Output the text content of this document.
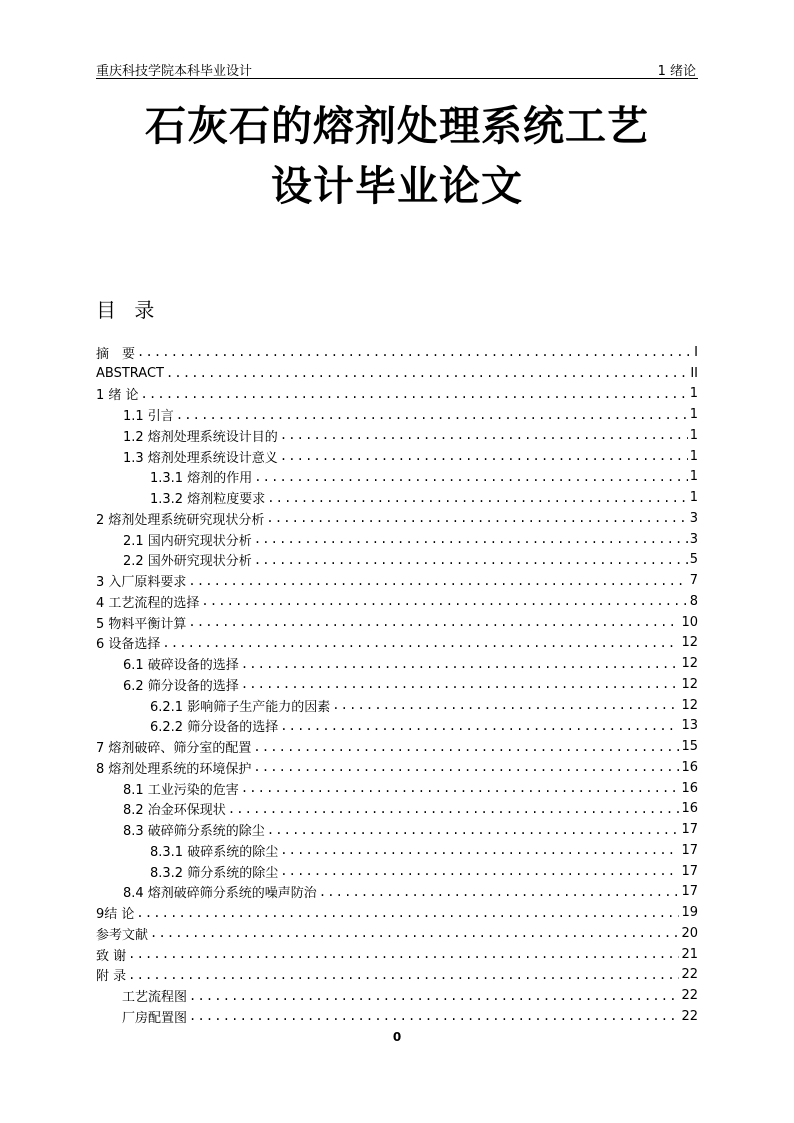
重庆科技学院本科毕业设计	1 绪论
石灰石的熔剂处理系统工艺
设计毕业论文
目 录
摘　要 .....	I
ABSTRACT .....	II
1 绪 论 .....	1
1.1 引言 .....	1
1.2 熔剂处理系统设计目的 .....	1
1.3 熔剂处理系统设计意义 .....	1
1.3.1 熔剂的作用 .....	1
1.3.2 熔剂粒度要求 .....	1
2 熔剂处理系统研究现状分析 .....	3
2.1 国内研究现状分析 .....	3
2.2 国外研究现状分析 .....	5
3 入厂原料要求 .....	7
4 工艺流程的选择 .....	8
5 物料平衡计算 .....	10
6 设备选择 .....	12
6.1 破碎设备的选择 .....	12
6.2 筛分设备的选择 .....	12
6.2.1 影响筛子生产能力的因素 .....	12
6.2.2 筛分设备的选择 .....	13
7 熔剂破碎、筛分室的配置 .....	15
8 熔剂处理系统的环境保护 .....	16
8.1 工业污染的危害 .....	16
8.2 冶金环保现状 .....	16
8.3 破碎筛分系统的除尘 .....	17
8.3.1 破碎系统的除尘 .....	17
8.3.2 筛分系统的除尘 .....	17
8.4 熔剂破碎筛分系统的噪声防治 .....	17
9结 论 .....	19
参考文献 .....	20
致 谢 .....	21
附 录 .....	22
工艺流程图 .....	22
厂房配置图 .....	22
0
